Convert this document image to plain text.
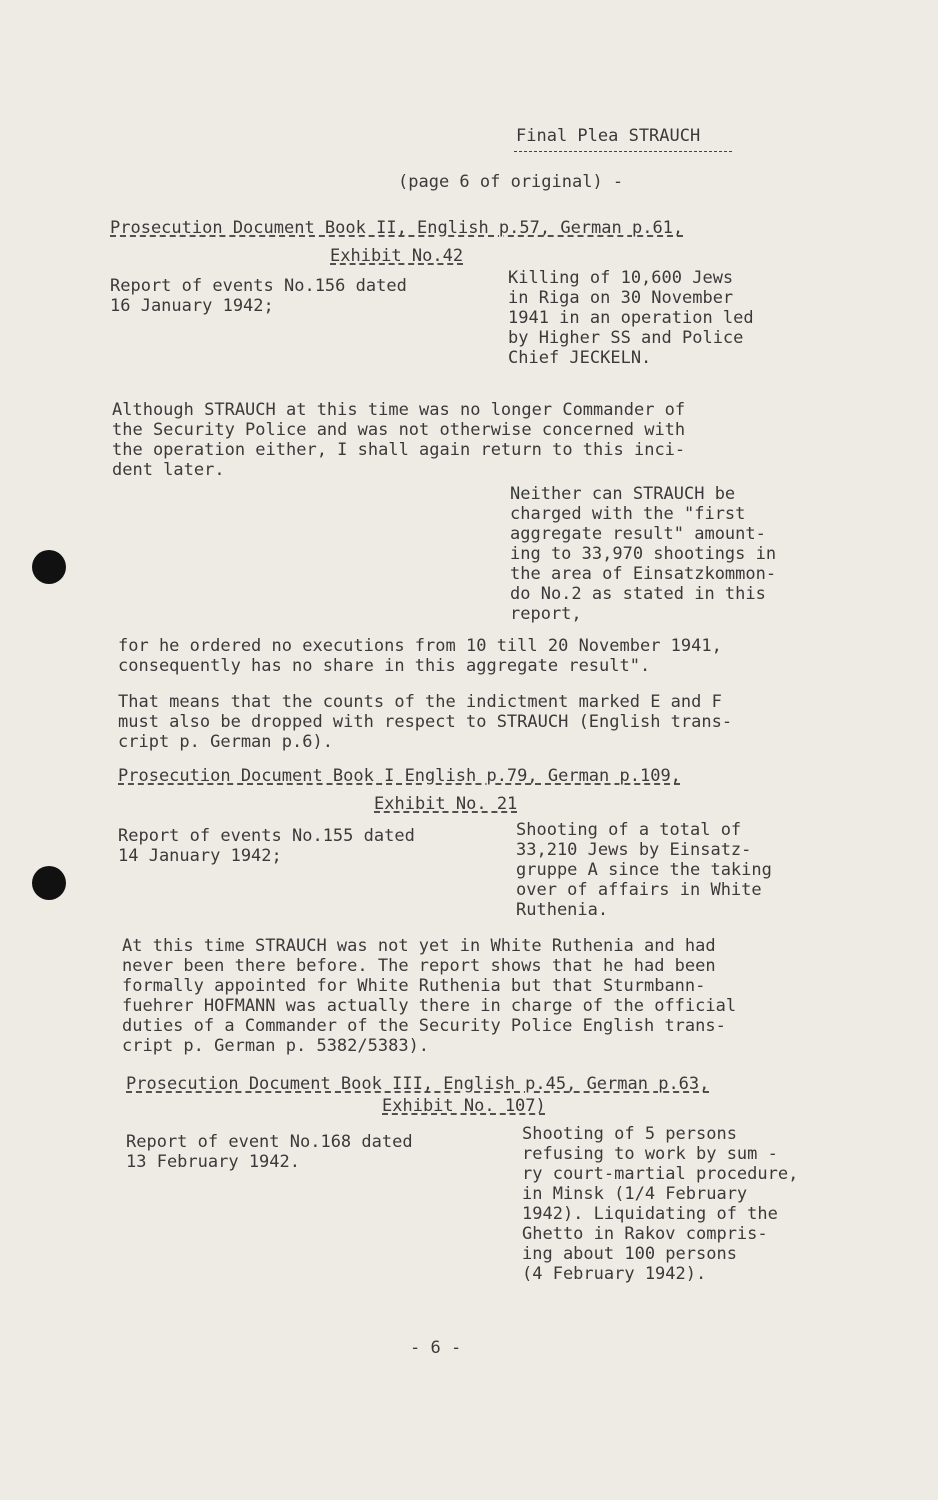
Final Plea STRAUCH
(page 6 of original) -
Prosecution Document Book II, English p.57, German p.61,
Exhibit No.42
Report of events No.156 dated
16 January 1942;
Killing of 10,600 Jews
in Riga on 30 November
1941 in an operation led
by Higher SS and Police
Chief JECKELN.
Although STRAUCH at this time was no longer Commander of
the Security Police and was not otherwise concerned with
the operation either, I shall again return to this inci-
dent later.
Neither can STRAUCH be
charged with the "first
aggregate result" amount-
ing to 33,970 shootings in
the area of Einsatzkommon-
do No.2 as stated in this
report,
for he ordered no executions from 10 till 20 November 1941,
consequently has no share in this aggregate result".
That means that the counts of the indictment marked E and F
must also be dropped with respect to STRAUCH (English trans-
cript p. German p.6).
Prosecution Document Book I English p.79, German p.109,
Exhibit No. 21
Report of events No.155 dated
14 January 1942;
Shooting of a total of
33,210 Jews by Einsatz-
gruppe A since the taking
over of affairs in White
Ruthenia.
At this time STRAUCH was not yet in White Ruthenia and had
never been there before. The report shows that he had been
formally appointed for White Ruthenia but that Sturmbann-
fuehrer HOFMANN was actually there in charge of the official
duties of a Commander of the Security Police English trans-
cript p. German p. 5382/5383).
Prosecution Document Book III, English p.45, German p.63,
Exhibit No. 107)
Report of event No.168 dated
13 February 1942.
Shooting of 5 persons
refusing to work by sum -
ry court-martial procedure,
in Minsk (1/4 February
1942). Liquidating of the
Ghetto in Rakov compris-
ing about 100 persons
(4 February 1942).
- 6 -
